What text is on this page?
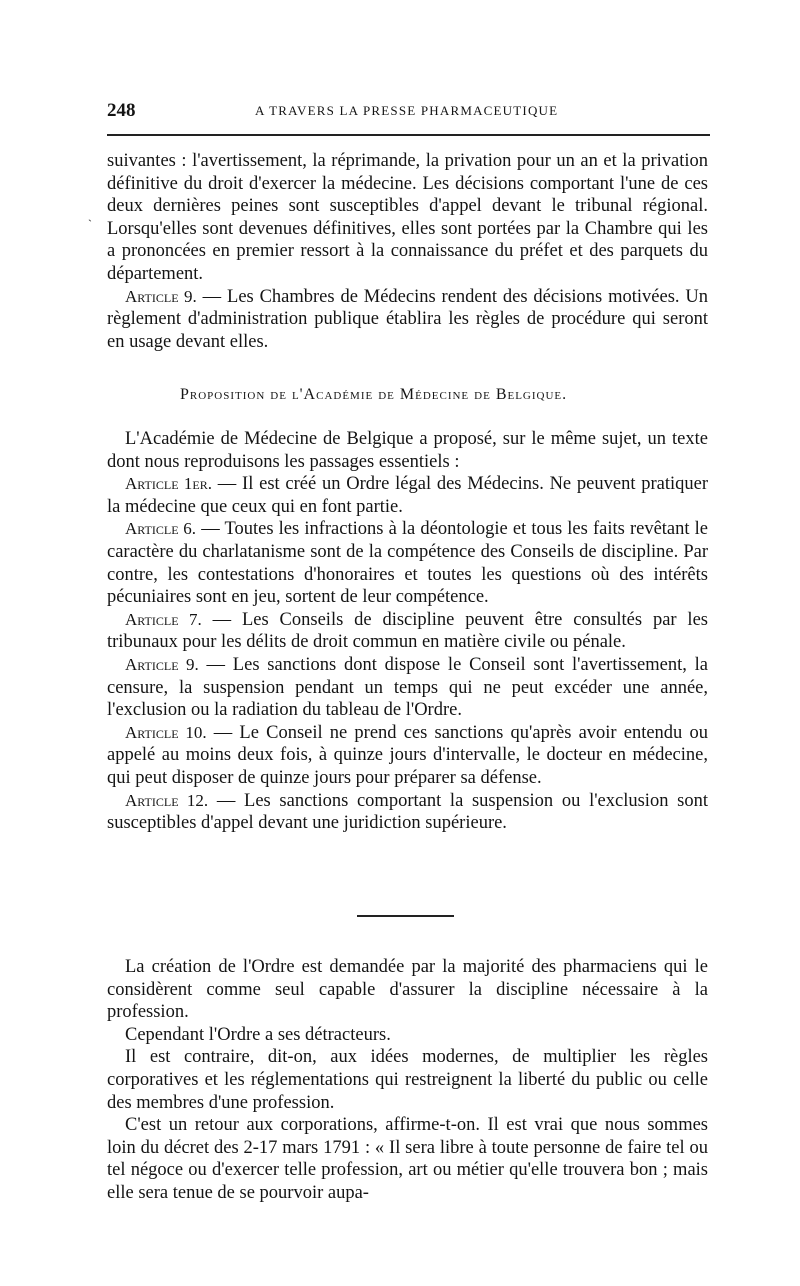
248	A TRAVERS LA PRESSE PHARMACEUTIQUE
ˎ

suivantes : l'avertissement, la réprimande, la privation pour un an et la privation définitive du droit d'exercer la médecine. Les décisions comportant l'une de ces deux dernières peines sont susceptibles d'appel devant le tribunal régional. Lorsqu'elles sont devenues définitives, elles sont portées par la Chambre qui les a prononcées en premier ressort à la connaissance du préfet et des parquets du département.

Article 9. — Les Chambres de Médecins rendent des décisions motivées. Un règlement d'administration publique établira les règles de procédure qui seront en usage devant elles.

Proposition de l'Académie de Médecine de Belgique.

L'Académie de Médecine de Belgique a proposé, sur le même sujet, un texte dont nous reproduisons les passages essentiels :

Article 1er. — Il est créé un Ordre légal des Médecins. Ne peuvent pratiquer la médecine que ceux qui en font partie.

Article 6. — Toutes les infractions à la déontologie et tous les faits revêtant le caractère du charlatanisme sont de la compétence des Conseils de discipline. Par contre, les contestations d'honoraires et toutes les questions où des intérêts pécuniaires sont en jeu, sortent de leur compétence.

Article 7. — Les Conseils de discipline peuvent être consultés par les tribunaux pour les délits de droit commun en matière civile ou pénale.

Article 9. — Les sanctions dont dispose le Conseil sont l'avertissement, la censure, la suspension pendant un temps qui ne peut excéder une année, l'exclusion ou la radiation du tableau de l'Ordre.

Article 10. — Le Conseil ne prend ces sanctions qu'après avoir entendu ou appelé au moins deux fois, à quinze jours d'intervalle, le docteur en médecine, qui peut disposer de quinze jours pour préparer sa défense.

Article 12. — Les sanctions comportant la suspension ou l'exclusion sont susceptibles d'appel devant une juridiction supérieure.

La création de l'Ordre est demandée par la majorité des pharmaciens qui le considèrent comme seul capable d'assurer la discipline nécessaire à la profession.

Cependant l'Ordre a ses détracteurs.

Il est contraire, dit-on, aux idées modernes, de multiplier les règles corporatives et les réglementations qui restreignent la liberté du public ou celle des membres d'une profession.

C'est un retour aux corporations, affirme-t-on. Il est vrai que nous sommes loin du décret des 2-17 mars 1791 : « Il sera libre à toute personne de faire tel ou tel négoce ou d'exercer telle profession, art ou métier qu'elle trouvera bon ; mais elle sera tenue de se pourvoir aupa-
